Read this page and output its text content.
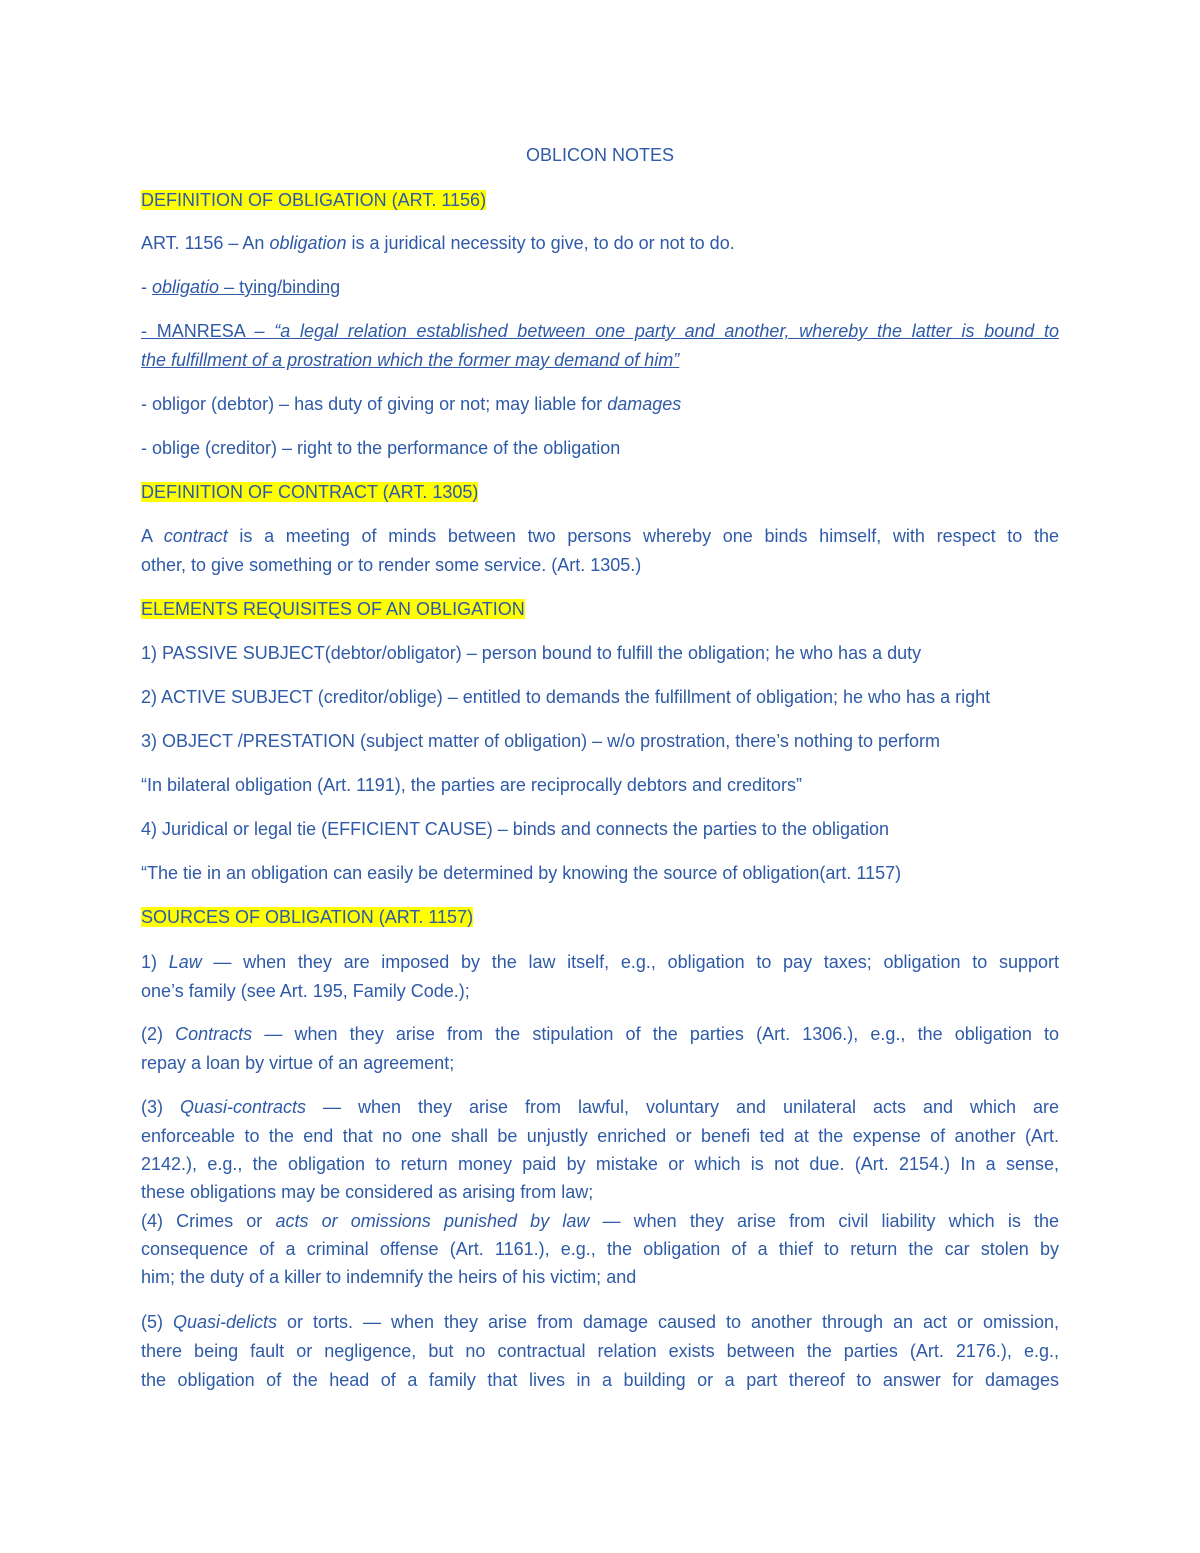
OBLICON NOTES
DEFINITION OF OBLIGATION (ART. 1156)
ART. 1156 – An obligation is a juridical necessity to give, to do or not to do.
- obligatio – tying/binding
- MANRESA – “a legal relation established between one party and another, whereby the latter is bound to
the fulfillment of a prostration which the former may demand of him”
- obligor (debtor) – has duty of giving or not; may liable for damages
- oblige (creditor) – right to the performance of the obligation
DEFINITION OF CONTRACT (ART. 1305)
A contract is a meeting of minds between two persons whereby one binds himself, with respect to the
other, to give something or to render some service. (Art. 1305.)
ELEMENTS REQUISITES OF AN OBLIGATION
1) PASSIVE SUBJECT(debtor/obligator) – person bound to fulfill the obligation; he who has a duty
2) ACTIVE SUBJECT (creditor/oblige) – entitled to demands the fulfillment of obligation; he who has a right
3) OBJECT /PRESTATION (subject matter of obligation) – w/o prostration, there’s nothing to perform
“In bilateral obligation (Art. 1191), the parties are reciprocally debtors and creditors”
4) Juridical or legal tie (EFFICIENT CAUSE) – binds and connects the parties to the obligation
“The tie in an obligation can easily be determined by knowing the source of obligation(art. 1157)
SOURCES OF OBLIGATION (ART. 1157)
1) Law — when they are imposed by the law itself, e.g., obligation to pay taxes; obligation to support
one’s family (see Art. 195, Family Code.);
(2) Contracts — when they arise from the stipulation of the parties (Art. 1306.), e.g., the obligation to
repay a loan by virtue of an agreement;
(3) Quasi-contracts — when they arise from lawful, voluntary and unilateral acts and which are
enforceable to the end that no one shall be unjustly enriched or benefi ted at the expense of another (Art.
2142.), e.g., the obligation to return money paid by mistake or which is not due. (Art. 2154.) In a sense,
these obligations may be considered as arising from law;
(4) Crimes or acts or omissions punished by law — when they arise from civil liability which is the
consequence of a criminal offense (Art. 1161.), e.g., the obligation of a thief to return the car stolen by
him; the duty of a killer to indemnify the heirs of his victim; and
(5) Quasi-delicts or torts. — when they arise from damage caused to another through an act or omission,
there being fault or negligence, but no contractual relation exists between the parties (Art. 2176.), e.g.,
the obligation of the head of a family that lives in a building or a part thereof to answer for damages
